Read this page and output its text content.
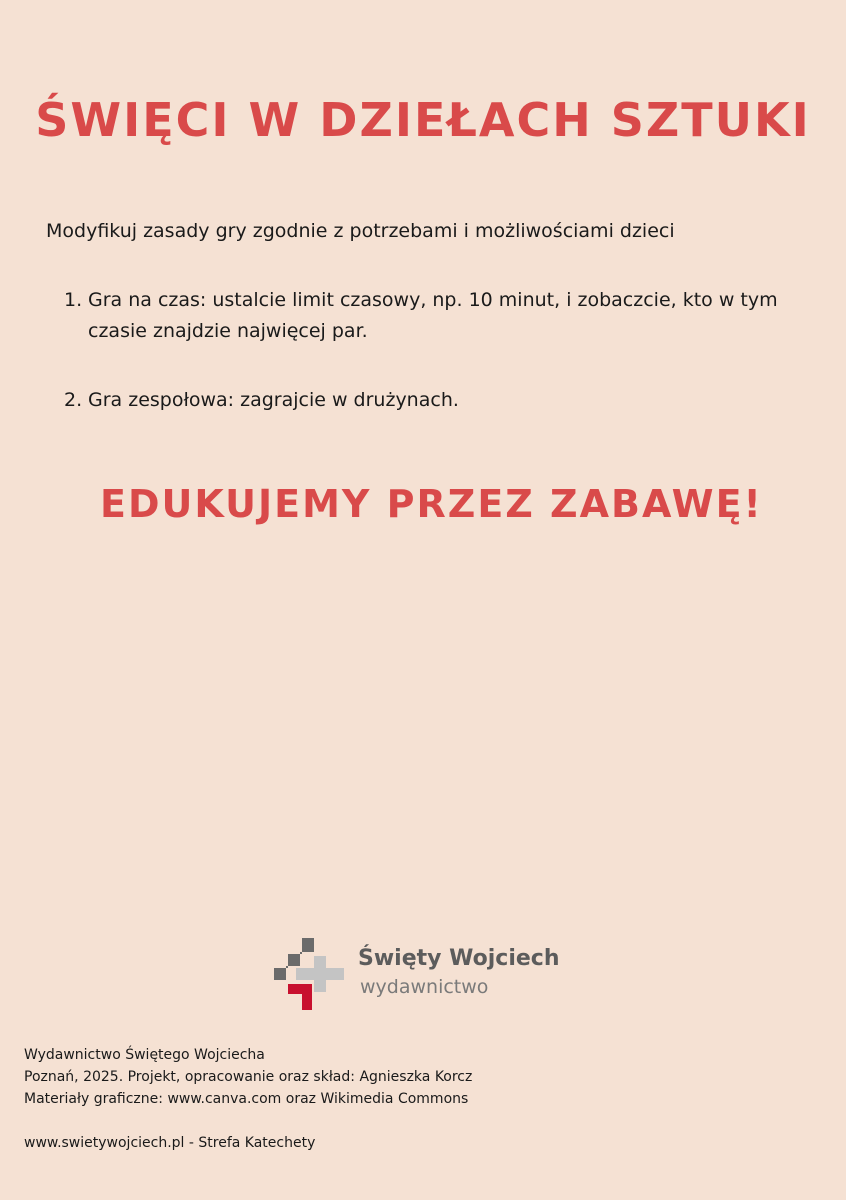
ŚWIĘCI W DZIEŁACH SZTUKI
Modyfikuj zasady gry zgodnie z potrzebami i możliwościami dzieci
1. Gra na czas: ustalcie limit czasowy, np. 10 minut, i zobaczcie, kto w tym czasie znajdzie najwięcej par.
2. Gra zespołowa: zagrajcie w drużynach.
EDUKUJEMY PRZEZ ZABAWĘ!
Święty Wojciech
wydawnictwo
Wydawnictwo Świętego Wojciecha
Poznań, 2025. Projekt, opracowanie oraz skład: Agnieszka Korcz
Materiały graficzne: www.canva.com oraz Wikimedia Commons
www.swietywojciech.pl - Strefa Katechety
